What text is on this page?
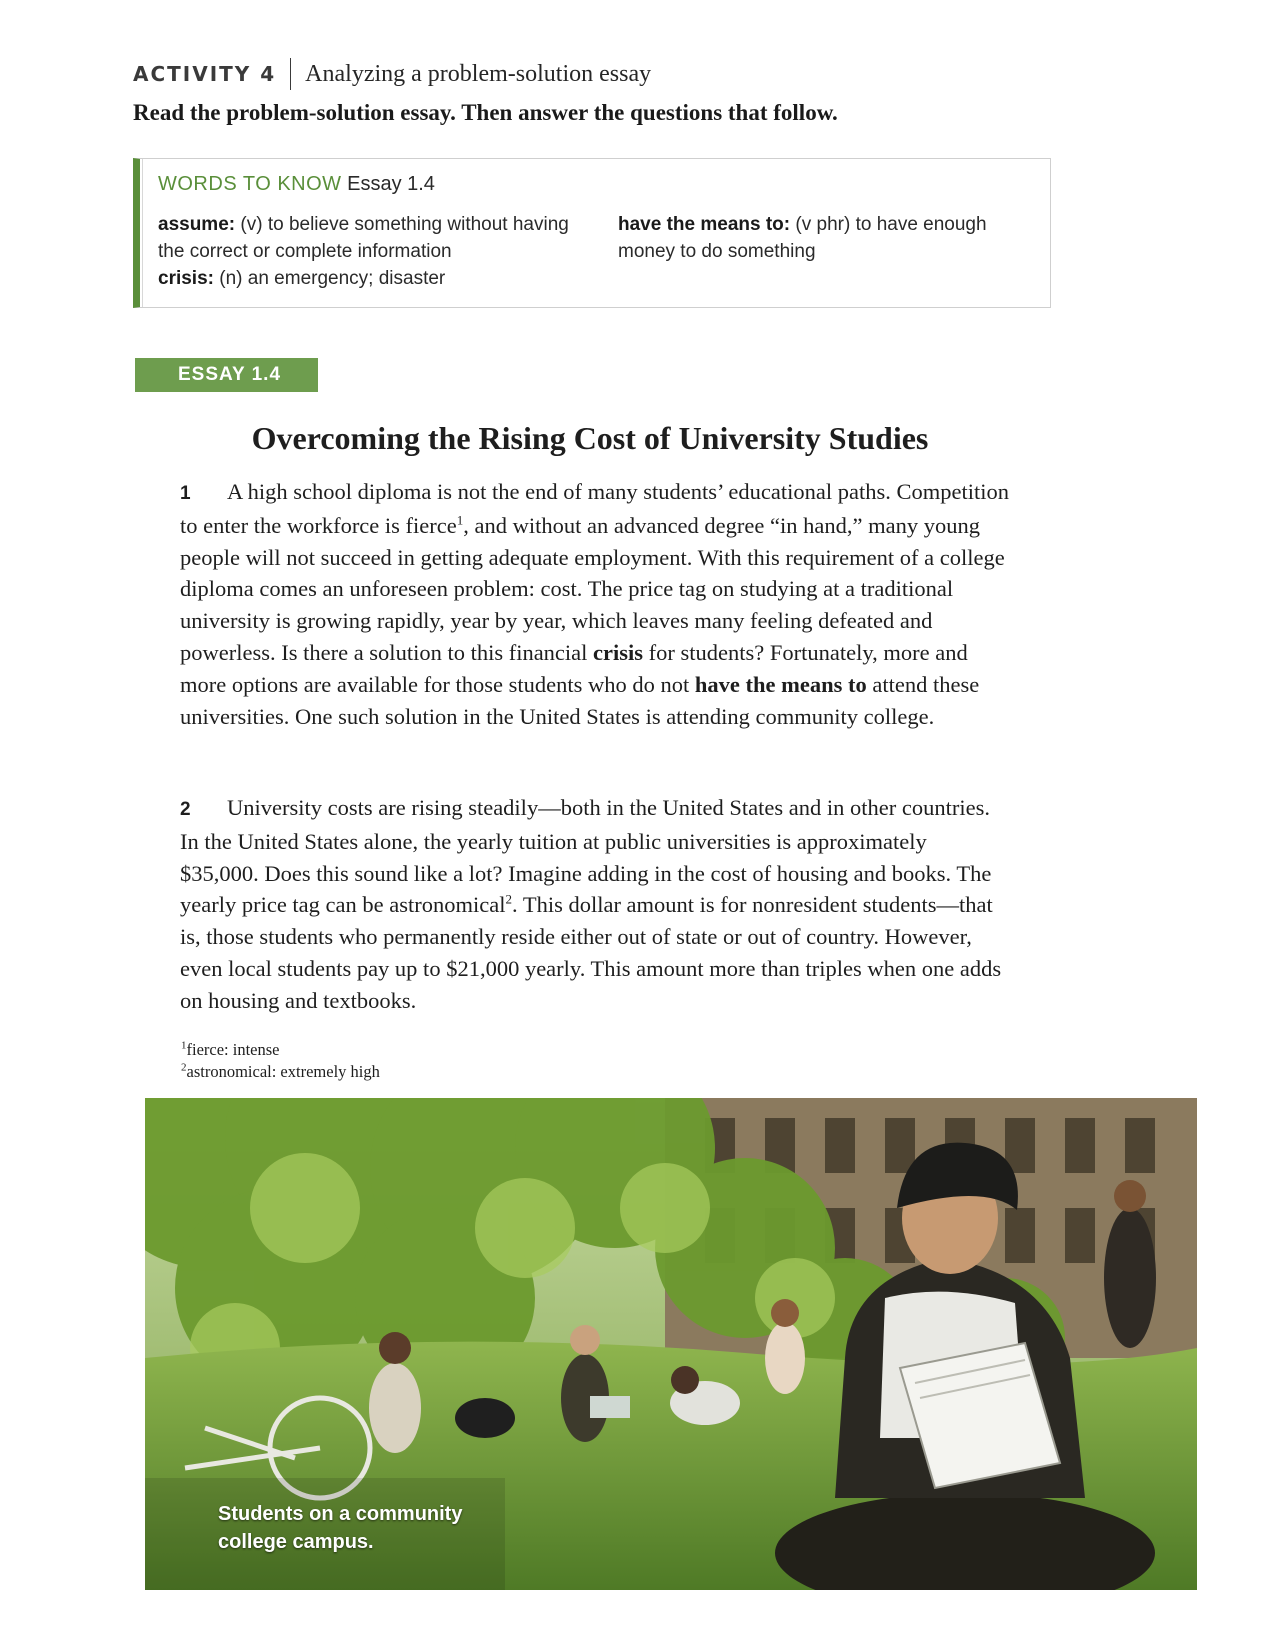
ACTIVITY 4 Analyzing a problem-solution essay
Read the problem-solution essay. Then answer the questions that follow.
WORDS TO KNOW Essay 1.4
assume: (v) to believe something without having the correct or complete information
crisis: (n) an emergency; disaster
have the means to: (v phr) to have enough money to do something
ESSAY 1.4
Overcoming the Rising Cost of University Studies

1 A high school diploma is not the end of many students’ educational paths. Competition to enter the workforce is fierce$^1$, and without an advanced degree “in hand,” many young people will not succeed in getting adequate employment. With this requirement of a college diploma comes an unforeseen problem: cost. The price tag on studying at a traditional university is growing rapidly, year by year, which leaves many feeling defeated and powerless. Is there a solution to this financial crisis for students? Fortunately, more and more options are available for those students who do not have the means to attend these universities. One such solution in the United States is attending community college.

2 University costs are rising steadily—both in the United States and in other countries. In the United States alone, the yearly tuition at public universities is approximately $35,000. Does this sound like a lot? Imagine adding in the cost of housing and books. The yearly price tag can be astronomical$^2$. This dollar amount is for nonresident students—that is, those students who permanently reside either out of state or out of country. However, even local students pay up to $21,000 yearly. This amount more than triples when one adds on housing and textbooks.

$^1$fierce: intense
$^2$astronomical: extremely high
Students on a community
college campus.
